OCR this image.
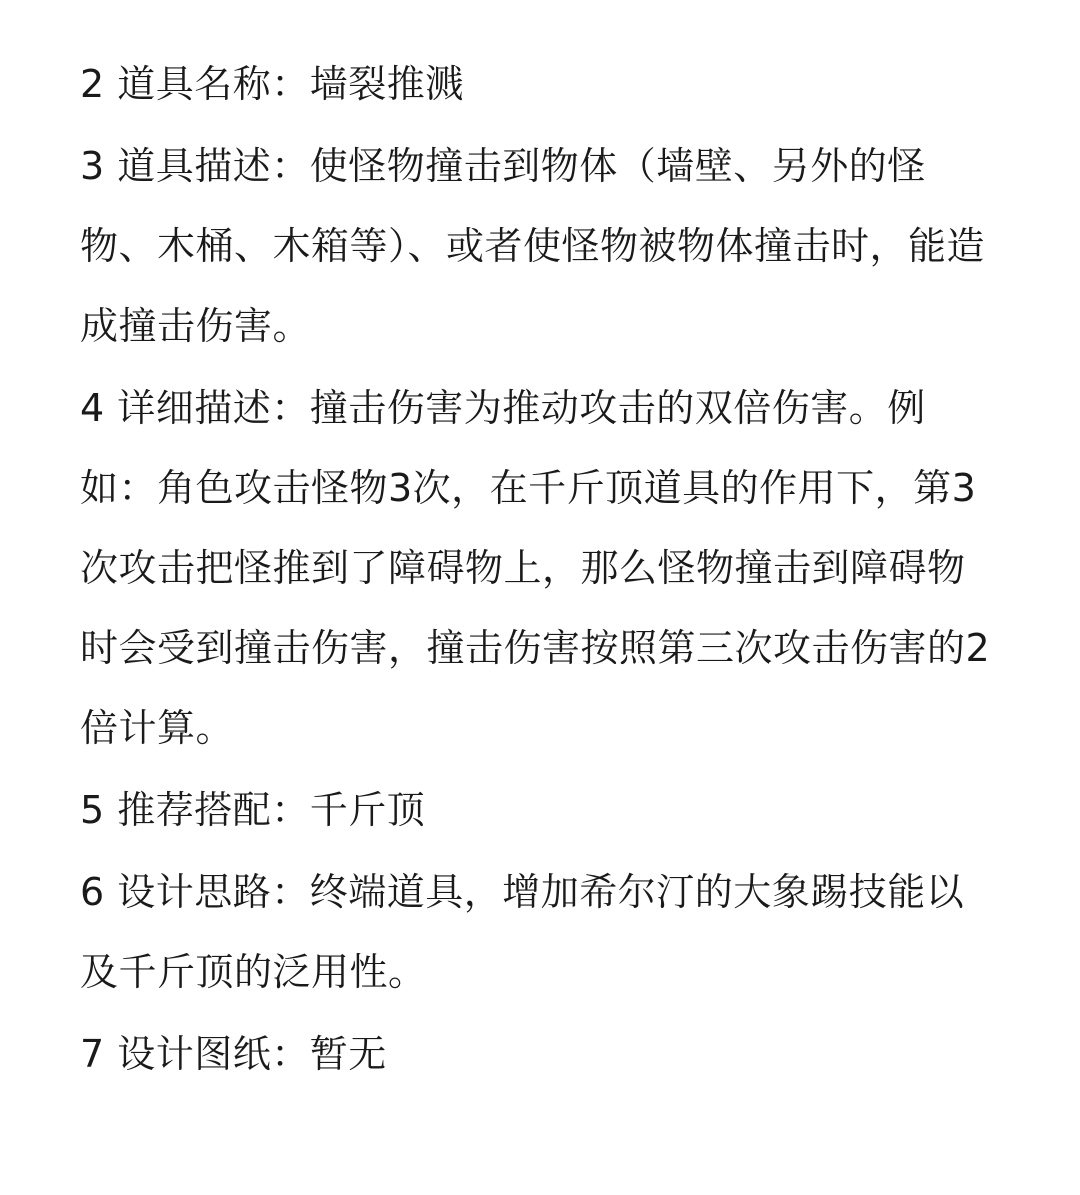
2 道具名称：墙裂推溅

3 道具描述：使怪物撞击到物体（墙壁、另外的怪物、木桶、木箱等）、或者使怪物被物体撞击时，能造成撞击伤害。

4 详细描述：撞击伤害为推动攻击的双倍伤害。例如：角色攻击怪物3次，在千斤顶道具的作用下，第3次攻击把怪推到了障碍物上，那么怪物撞击到障碍物时会受到撞击伤害，撞击伤害按照第三次攻击伤害的2倍计算。

5 推荐搭配：千斤顶

6 设计思路：终端道具，增加希尔汀的大象踢技能以及千斤顶的泛用性。

7 设计图纸：暂无
